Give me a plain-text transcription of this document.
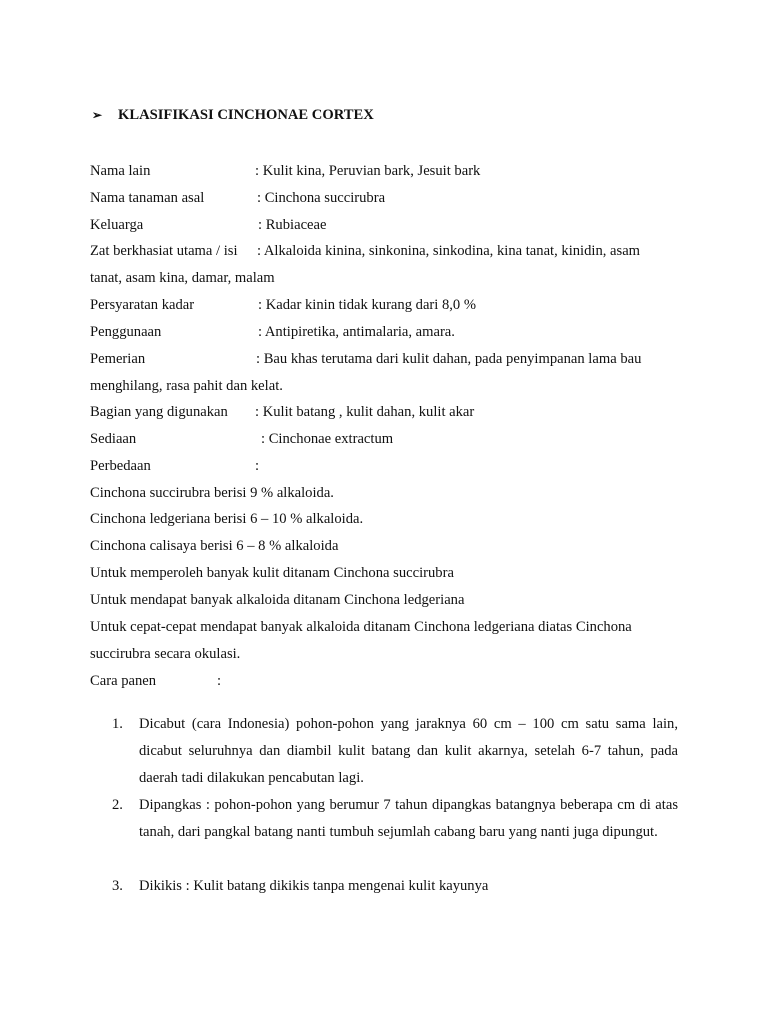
➢ KLASIFIKASI CINCHONAE CORTEX
Nama lain	: Kulit kina, Peruvian bark, Jesuit bark
Nama tanaman asal	: Cinchona succirubra
Keluarga	: Rubiaceae
Zat berkhasiat utama / isi : Alkaloida kinina, sinkonina, sinkodina, kina tanat, kinidin, asam
tanat, asam kina, damar, malam
Persyaratan kadar	: Kadar kinin tidak kurang dari 8,0 %
Penggunaan	: Antipiretika, antimalaria, amara.
Pemerian	: Bau khas terutama dari kulit dahan, pada penyimpanan lama bau
menghilang, rasa pahit dan kelat.
Bagian yang digunakan : Kulit batang , kulit dahan, kulit akar
Sediaan	: Cinchonae extractum
Perbedaan	:
Cinchona succirubra berisi 9 % alkaloida.
Cinchona ledgeriana berisi 6 – 10 % alkaloida.
Cinchona calisaya berisi 6 – 8 % alkaloida
Untuk memperoleh banyak kulit ditanam Cinchona succirubra
Untuk mendapat banyak alkaloida ditanam Cinchona ledgeriana
Untuk cepat-cepat mendapat banyak alkaloida ditanam Cinchona ledgeriana diatas Cinchona
succirubra secara okulasi.
Cara panen	:
1.	Dicabut (cara Indonesia) pohon-pohon yang jaraknya 60 cm – 100 cm satu sama lain, dicabut seluruhnya dan diambil kulit batang dan kulit akarnya, setelah 6-7 tahun, pada daerah tadi dilakukan pencabutan lagi.
2.	Dipangkas : pohon-pohon yang berumur 7 tahun dipangkas batangnya beberapa cm di atas tanah, dari pangkal batang nanti tumbuh sejumlah cabang baru yang nanti juga dipungut.
3.	Dikikis : Kulit batang dikikis tanpa mengenai kulit kayunya
